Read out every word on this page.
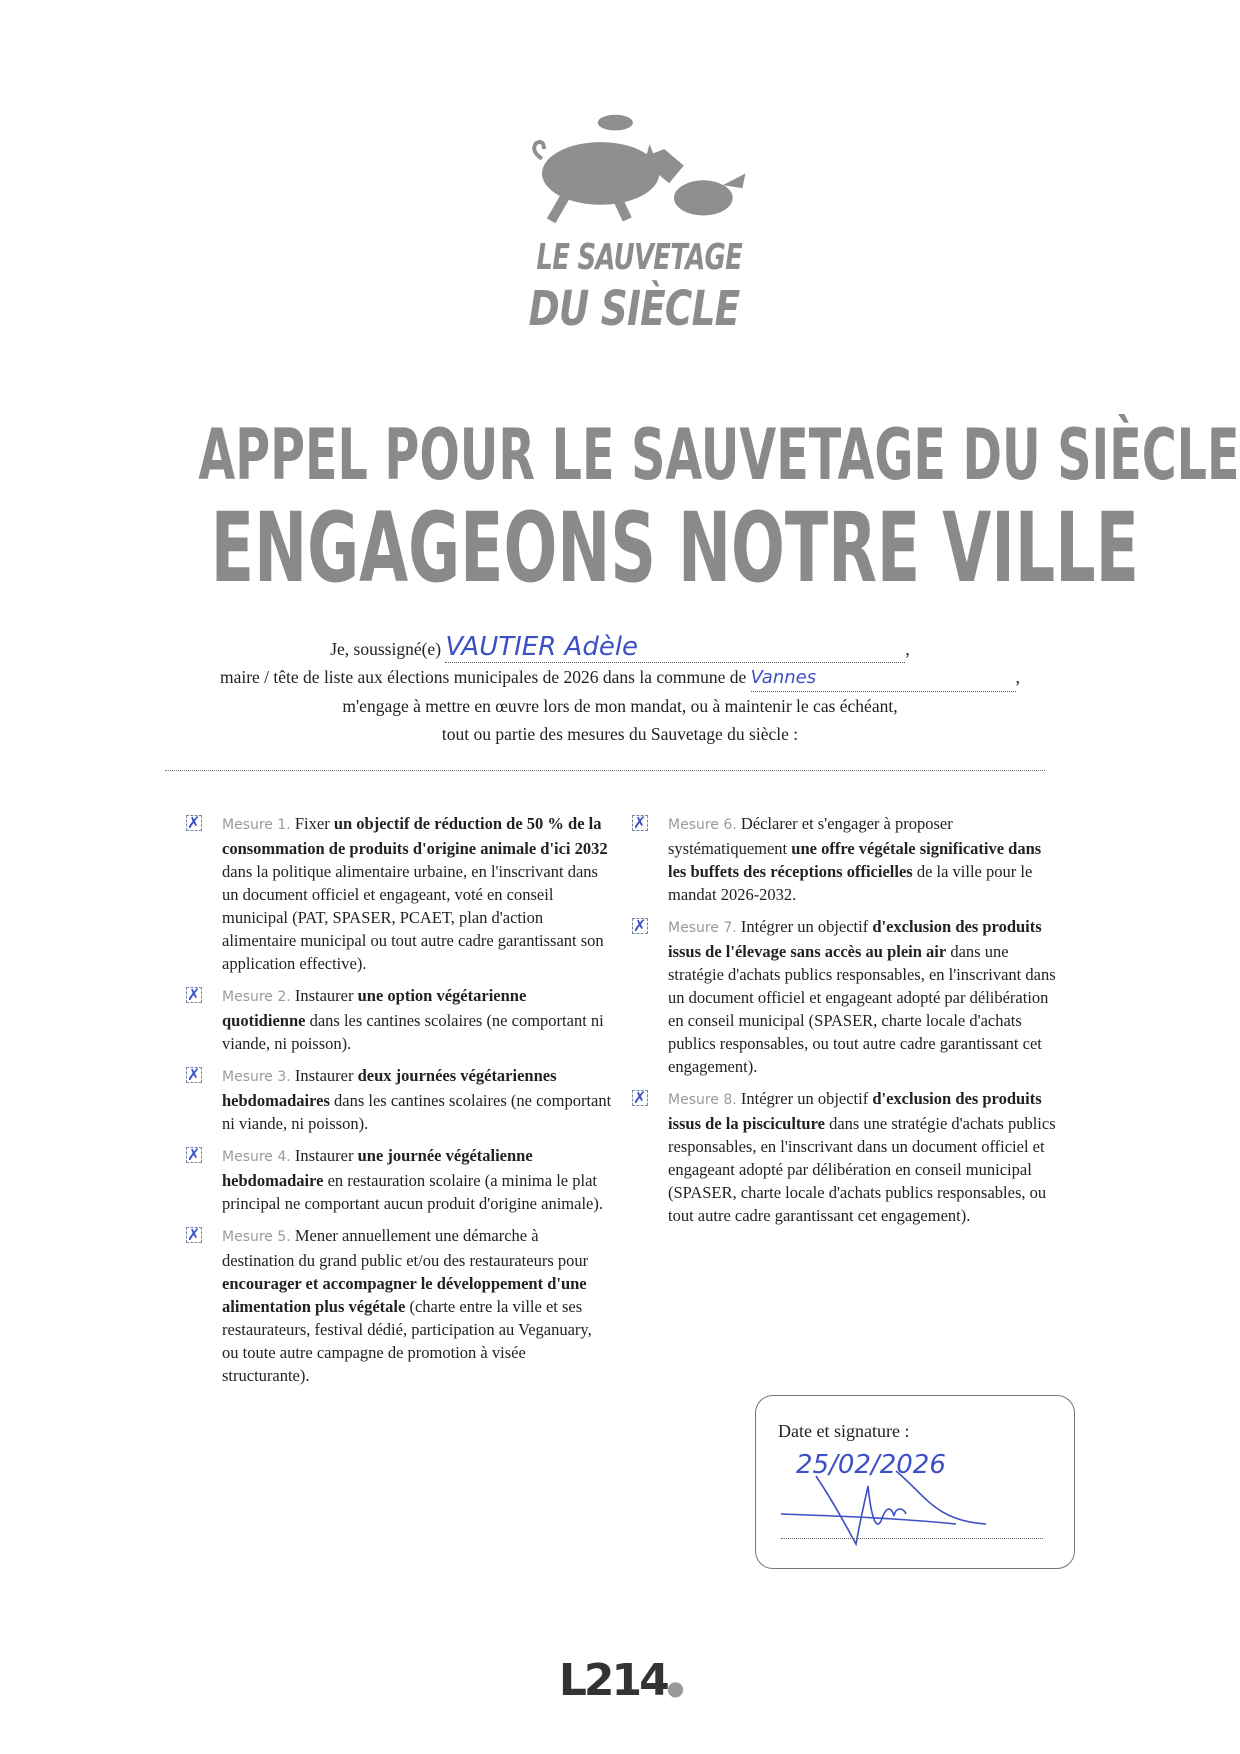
LE SAUVETAGE
DU SIÈCLE
APPEL POUR LE SAUVETAGE DU SIÈCLE
ENGAGEONS NOTRE VILLE

Je, soussigné(e) VAUTIER Adèle	,

maire / tête de liste aux élections municipales de 2026 dans la commune de Vannes	,

m'engage à mettre en œuvre lors de mon mandat, ou à maintenir le cas échéant,

tout ou partie des mesures du Sauvetage du siècle :

✗
Mesure 1. Fixer un objectif de réduction de 50 % de la consommation de produits d'origine animale d'ici 2032 dans la politique alimentaire urbaine, en l'inscrivant dans un document officiel et engageant, voté en conseil municipal (PAT, SPASER, PCAET, plan d'action alimentaire municipal ou tout autre cadre garantissant son application effective).

✗
Mesure 2. Instaurer une option végétarienne quotidienne dans les cantines scolaires (ne comportant ni viande, ni poisson).

✗
Mesure 3. Instaurer deux journées végétariennes hebdomadaires dans les cantines scolaires (ne comportant ni viande, ni poisson).

✗
Mesure 4. Instaurer une journée végétalienne hebdomadaire en restauration scolaire (a minima le plat principal ne comportant aucun produit d'origine animale).

✗
Mesure 5. Mener annuellement une démarche à destination du grand public et/ou des restaurateurs pour encourager et accompagner le développement d'une alimentation plus végétale (charte entre la ville et ses restaurateurs, festival dédié, participation au Veganuary, ou toute autre campagne de promotion à visée structurante).

✗
Mesure 6. Déclarer et s'engager à proposer systématiquement une offre végétale significative dans les buffets des réceptions officielles de la ville pour le mandat 2026-2032.

✗
Mesure 7. Intégrer un objectif d'exclusion des produits issus de l'élevage sans accès au plein air dans une stratégie d'achats publics responsables, en l'inscrivant dans un document officiel et engageant adopté par délibération en conseil municipal (SPASER, charte locale d'achats publics responsables, ou tout autre cadre garantissant cet engagement).

✗
Mesure 8. Intégrer un objectif d'exclusion des produits issus de la pisciculture dans une stratégie d'achats publics responsables, en l'inscrivant dans un document officiel et engageant adopté par délibération en conseil municipal (SPASER, charte locale d'achats publics responsables, ou tout autre cadre garantissant cet engagement).

Date et signature :
25/02/2026
L214●
